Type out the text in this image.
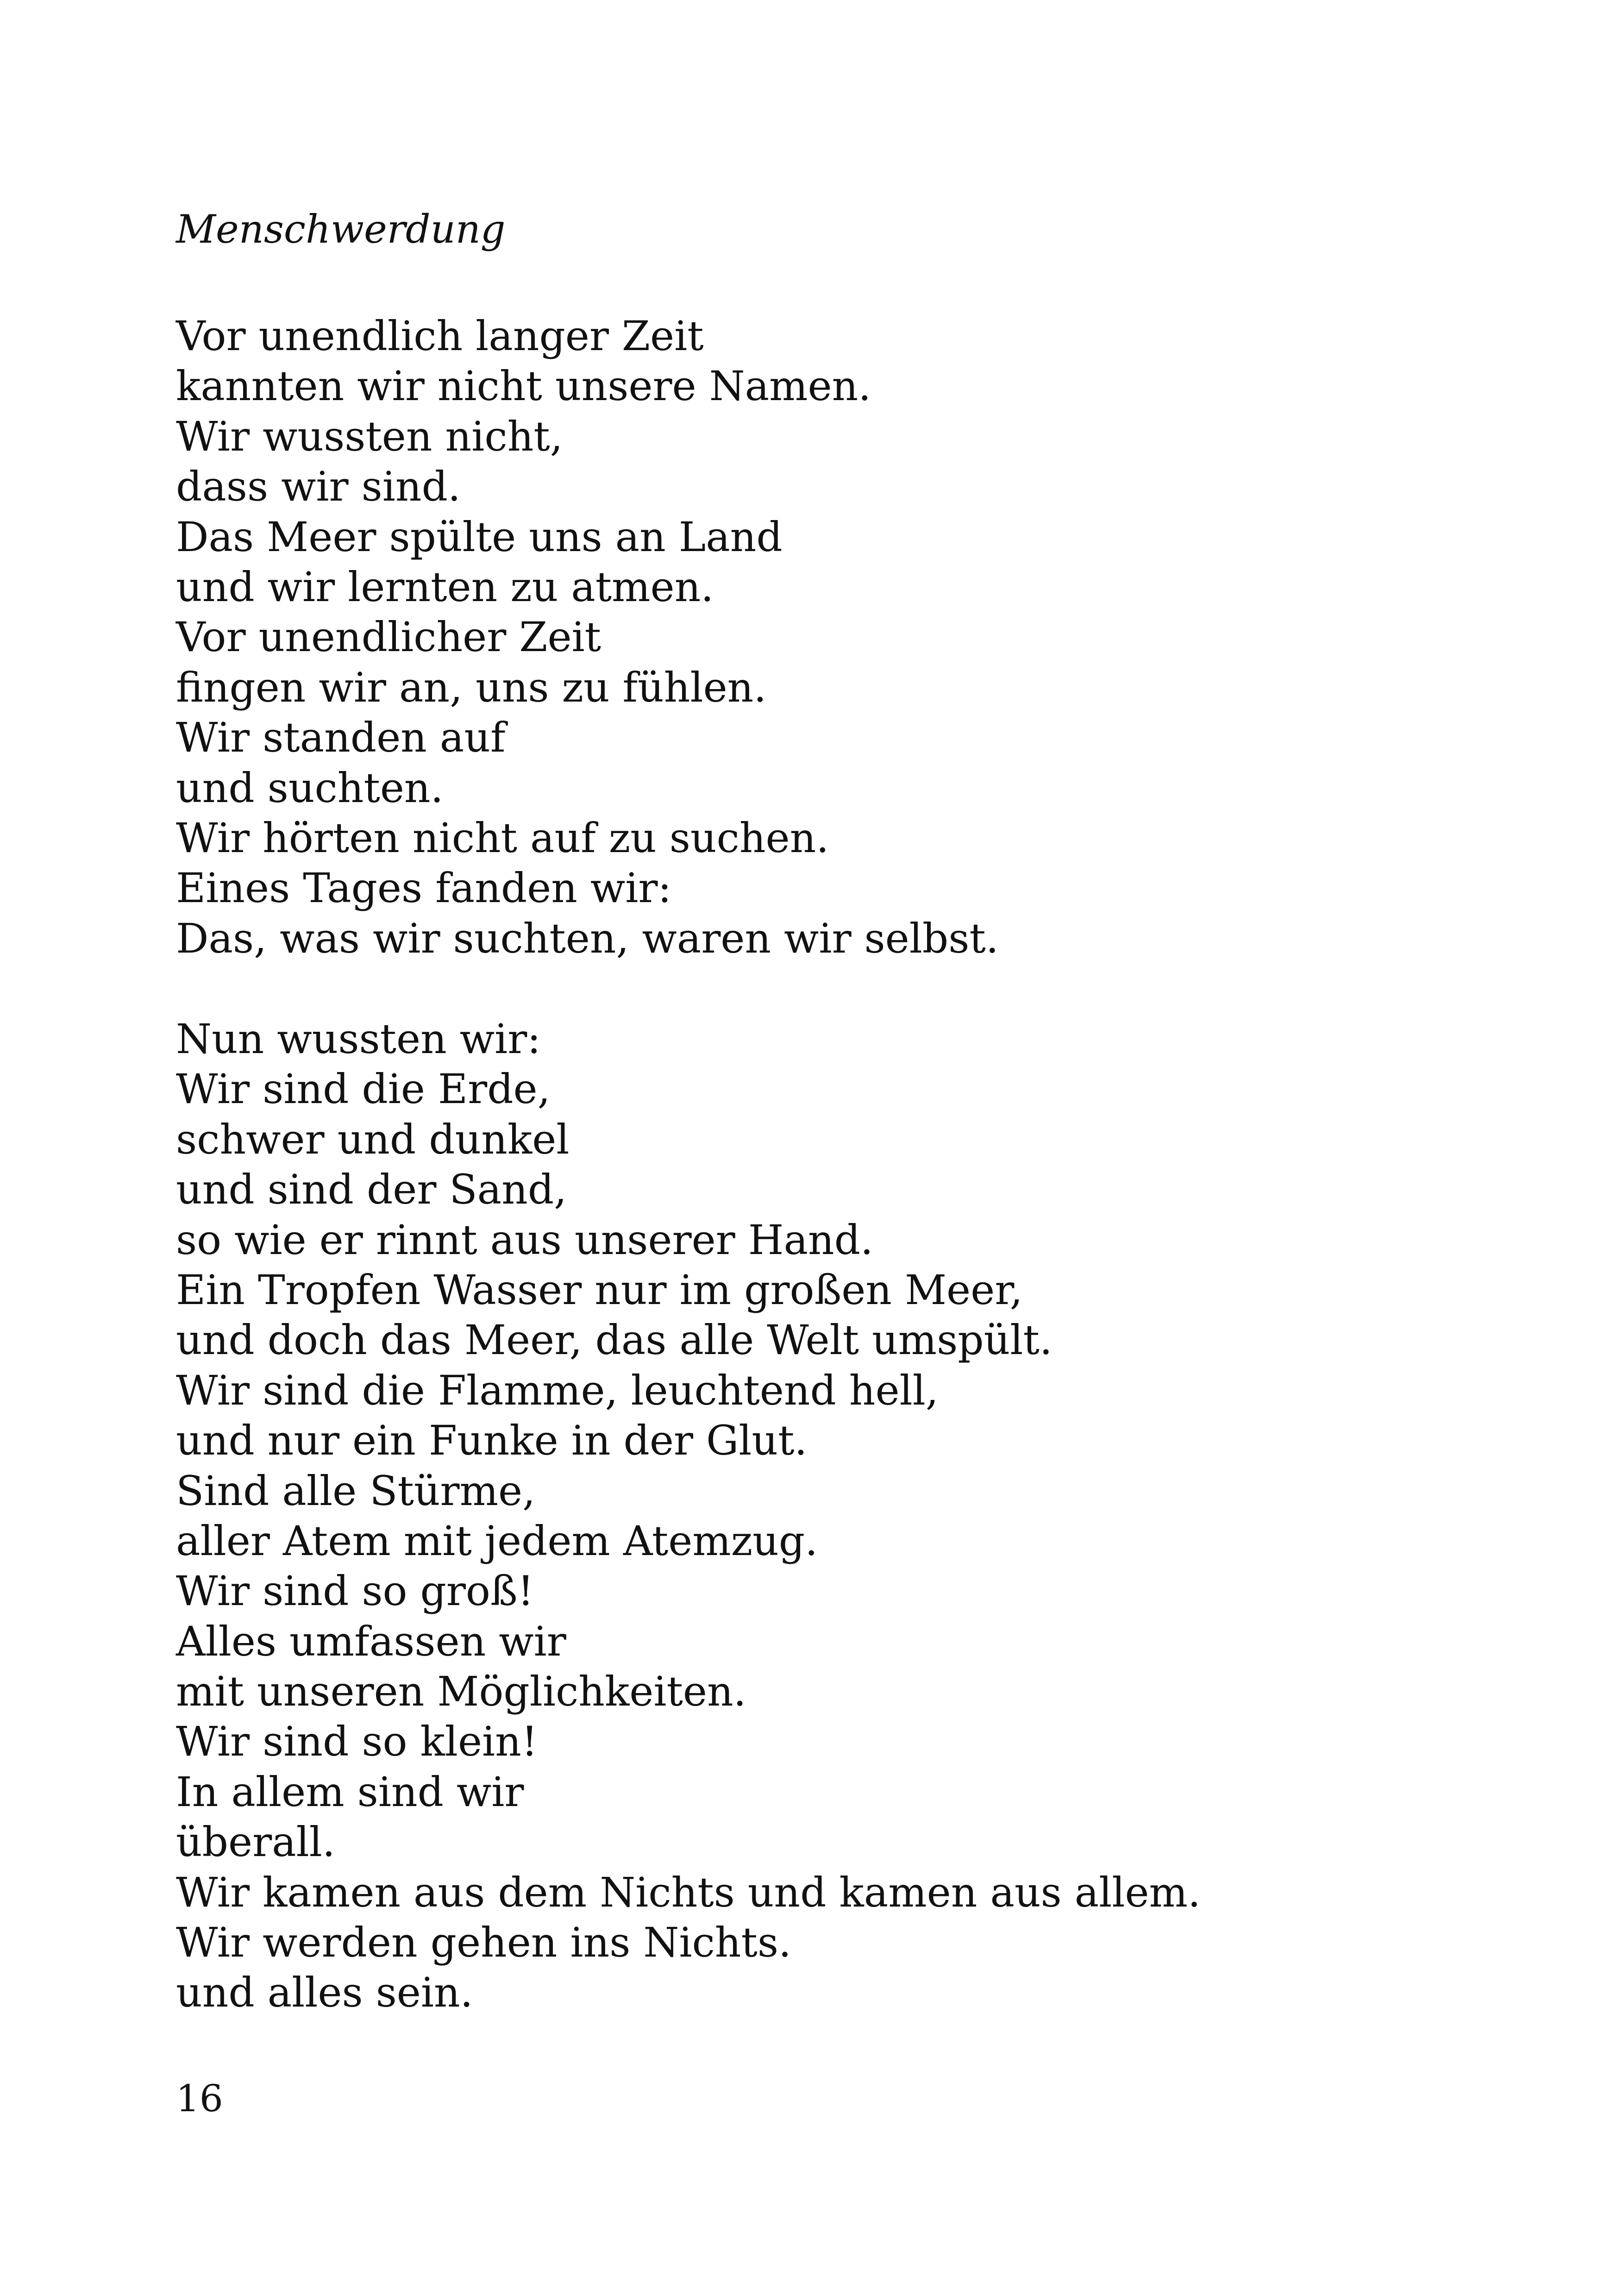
Menschwerdung
Vor unendlich langer Zeit
kannten wir nicht unsere Namen.
Wir wussten nicht,
dass wir sind.
Das Meer spülte uns an Land
und wir lernten zu atmen.
Vor unendlicher Zeit
fingen wir an, uns zu fühlen.
Wir standen auf
und suchten.
Wir hörten nicht auf zu suchen.
Eines Tages fanden wir:
Das, was wir suchten, waren wir selbst.
Nun wussten wir:
Wir sind die Erde,
schwer und dunkel
und sind der Sand,
so wie er rinnt aus unserer Hand.
Ein Tropfen Wasser nur im großen Meer,
und doch das Meer, das alle Welt umspült.
Wir sind die Flamme, leuchtend hell,
und nur ein Funke in der Glut.
Sind alle Stürme,
aller Atem mit jedem Atemzug.
Wir sind so groß!
Alles umfassen wir
mit unseren Möglichkeiten.
Wir sind so klein!
In allem sind wir
überall.
Wir kamen aus dem Nichts und kamen aus allem.
Wir werden gehen ins Nichts.
und alles sein.

16
